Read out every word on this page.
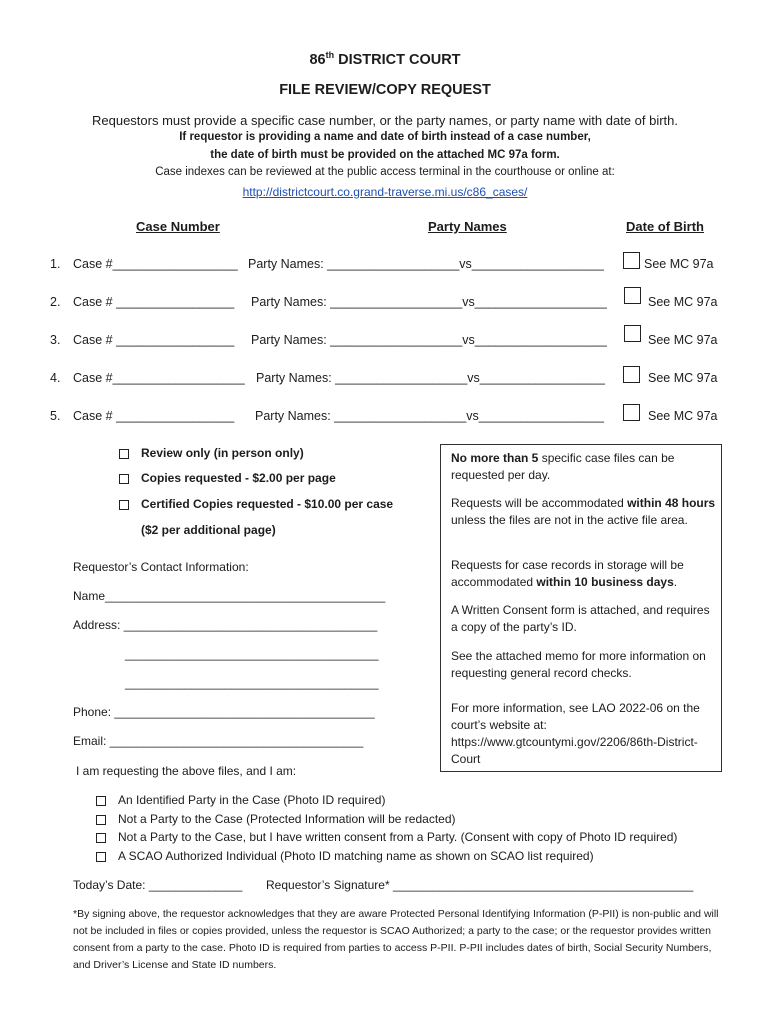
86th DISTRICT COURT
FILE REVIEW/COPY REQUEST
Requestors must provide a specific case number, or the party names, or party name with date of birth.
If requestor is providing a name and date of birth instead of a case number,
the date of birth must be provided on the attached MC 97a form.
Case indexes can be reviewed at the public access terminal in the courthouse or online at:
http://districtcourt.co.grand-traverse.mi.us/c86_cases/
Case Number	Party Names	Date of Birth
1. Case #__________________ Party Names: ___________________vs___________________	See MC 97a
2. Case # _________________ Party Names: ___________________vs___________________	See MC 97a
3. Case # _________________ Party Names: ___________________vs___________________	See MC 97a
4. Case #___________________ Party Names: ___________________vs__________________	See MC 97a
5. Case # _________________ Party Names: ___________________vs__________________	See MC 97a
Review only (in person only)
Copies requested - $2.00 per page
Certified Copies requested - $10.00 per case
($2 per additional page)
Requestor’s Contact Information:
Name__________________________________________
Address: ______________________________________
______________________________________
______________________________________
Phone: _______________________________________
Email: ______________________________________
No more than 5 specific case files can be requested per day.
Requests will be accommodated within 48 hours unless the files are not in the active file area.
Requests for case records in storage will be accommodated within 10 business days.
A Written Consent form is attached, and requires a copy of the party’s ID.
See the attached memo for more information on requesting general record checks.
For more information, see LAO 2022-06 on the court’s website at: https://www.gtcountymi.gov/2206/86th-District-Court
I am requesting the above files, and I am:
An Identified Party in the Case (Photo ID required)
Not a Party to the Case (Protected Information will be redacted)
Not a Party to the Case, but I have written consent from a Party. (Consent with copy of Photo ID required)
A SCAO Authorized Individual (Photo ID matching name as shown on SCAO list required)
Today’s Date: ______________ Requestor’s Signature* _____________________________________________
*By signing above, the requestor acknowledges that they are aware Protected Personal Identifying Information (P-PII) is non-public and will not be included in files or copies provided, unless the requestor is SCAO Authorized; a party to the case; or the requestor provides written consent from a party to the case. Photo ID is required from parties to access P-PII. P-PII includes dates of birth, Social Security Numbers, and Driver’s License and State ID numbers.
